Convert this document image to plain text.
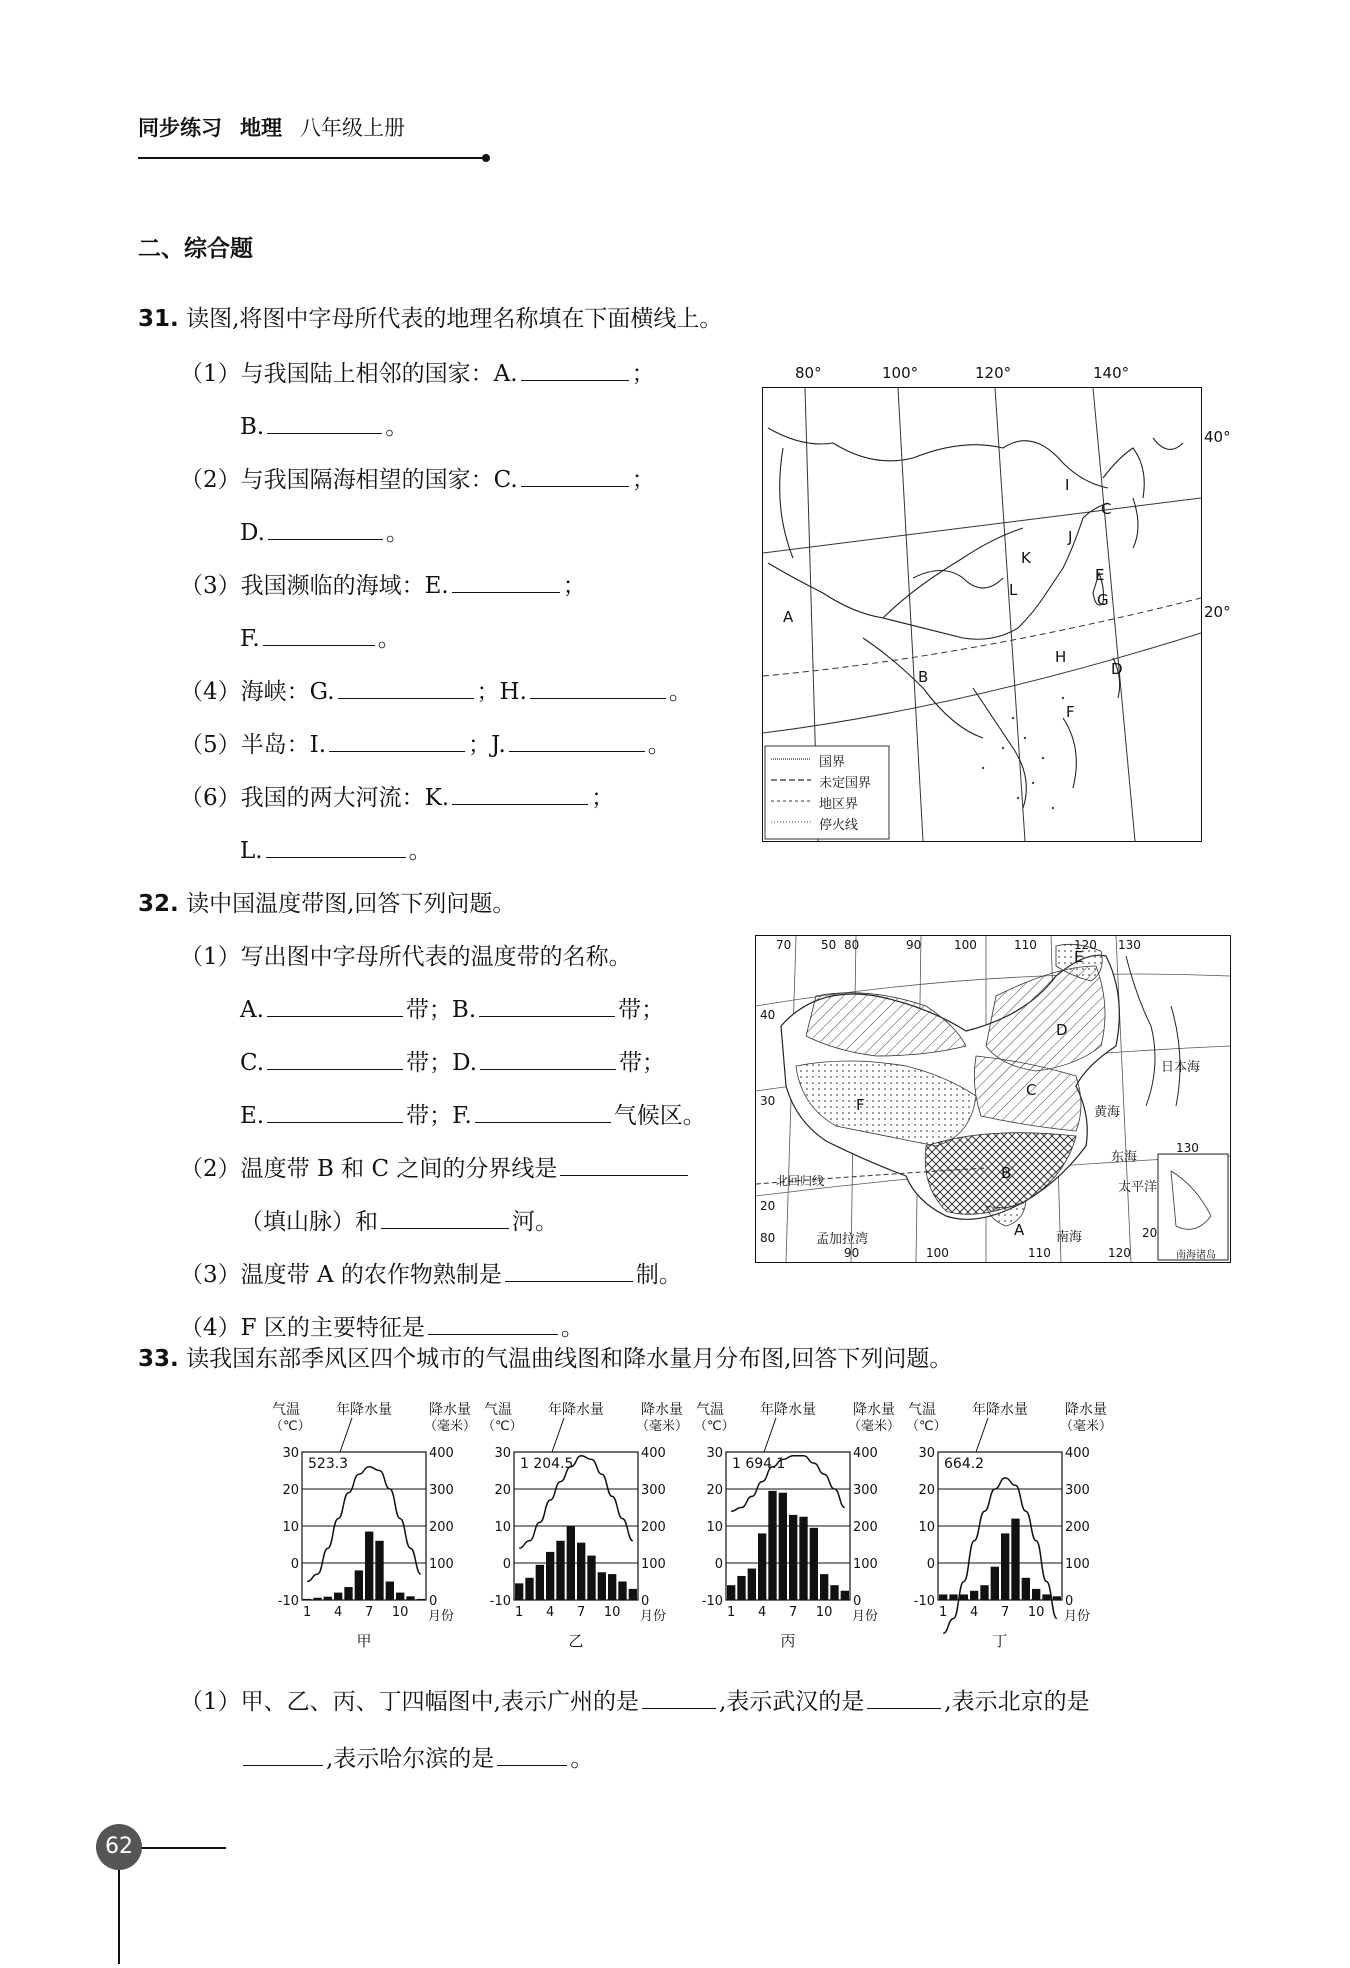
同步练习 地理 八年级上册
二、综合题
31. 读图,将图中字母所代表的地理名称填在下面横线上。
（1）与我国陆上相邻的国家：A.	；
B.	。
（2）与我国隔海相望的国家：C.	；
D.	。
（3）我国濒临的海域：E.	；
F.	。
（4）海峡：G.	；H.	。
（5）半岛：I.	；J.	。
（6）我国的两大河流：K.	；
L.	。
80°	100°	120°	140°
40°
20°
国界
未定国界
地区界
停火线
A
B
C
D
E
F
G
H
I
J
K
L
32. 读中国温度带图,回答下列问题。
（1）写出图中字母所代表的温度带的名称。
A.	带；B.	带；
C.	带；D.	带；
E.	带；F.	气候区。
（2）温度带 B 和 C 之间的分界线是
（填山脉）和	河。
（3）温度带 A 的农作物熟制是	制。
（4）F 区的主要特征是	。
70 50 80	90	100	110	120 130
40
30
20
80
90	100	110	120
130
20
日本海
黄海
东海
太平洋
南海
北回归线
孟加拉湾
南海诸岛
A
B
C
D
E
F
33. 读我国东部季风区四个城市的气温曲线图和降水量月分布图,回答下列问题。
气温
（℃）
年降水量	降水量
（毫米）
523.3
30
20
10
0
-10
400
300
200
100
0
1 4 7 10 月份
甲
气温
（℃）
年降水量	降水量
（毫米）
1 204.5
30
20
10
0
-10
400
300
200
100
0
1 4 7 10 月份
乙
气温
（℃）
年降水量	降水量
（毫米）
1 694.1
30
20
10
0
-10
400
300
200
100
0
1 4 7 10 月份
丙
气温
（℃）
年降水量	降水量
（毫米）
664.2
30
20
10
0
-10
400
300
200
100
0
1 4 7 10 月份
丁
（1）甲、乙、丙、丁四幅图中,表示广州的是	,表示武汉的是	,表示北京的是
,表示哈尔滨的是	。
62
